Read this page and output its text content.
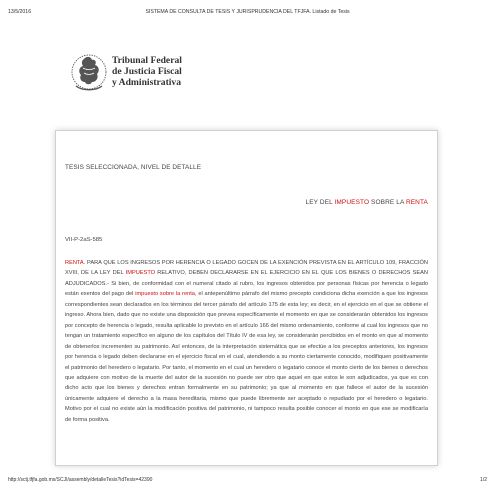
13/5/2016	SISTEMA DE CONSULTA DE TESIS Y JURISPRUDENCIA DEL TFJFA. Listado de Tesis
Tribunal Federal
de Justicia Fiscal
y Administrativa
TESIS SELECCIONADA, NIVEL DE DETALLE
LEY DEL IMPUESTO SOBRE LA RENTA
VII-P-2aS-585
RENTA. PARA QUE LOS INGRESOS POR HERENCIA O LEGADO GOCEN DE LA EXENCIÓN PREVISTA EN EL ARTÍCULO 109, FRACCIÓN XVIII, DE LA LEY DEL IMPUESTO RELATIVO, DEBEN DECLARARSE EN EL EJERCICIO EN EL QUE LOS BIENES O DERECHOS SEAN ADJUDICADOS.- Si bien, de conformidad con el numeral citado al rubro, los ingresos obtenidos por personas físicas por herencia o legado están exentos del pago del impuesto sobre la renta, el antepenúltimo párrafo del mismo precepto condiciona dicha exención a que los ingresos correspondientes sean declarados en los términos del tercer párrafo del artículo 175 de esta ley; es decir, en el ejercicio en el que se obtiene el ingreso. Ahora bien, dado que no existe una disposición que prevea específicamente el momento en que se considerarán obtenidos los ingresos por concepto de herencia o legado, resulta aplicable lo previsto en el artículo 166 del mismo ordenamiento, conforme al cual los ingresos que no tengan un tratamiento específico en alguno de los capítulos del Título IV de esa ley, se considerarán percibidos en el monto en que al momento de obtenerlos incrementen su patrimonio. Así entonces, de la interpretación sistemática que se efectúe a los preceptos anteriores, los ingresos por herencia o legado deben declararse en el ejercicio fiscal en el cual, atendiendo a su monto ciertamente conocido, modifiquen positivamente el patrimonio del heredero o legatario. Por tanto, el momento en el cual un heredero o legatario conoce el monto cierto de los bienes o derechos que adquiere con motivo de la muerte del autor de la sucesión no puede ser otro que aquel en que estos le son adjudicados, ya que es con dicho acto que los bienes y derechos entran formalmente en su patrimonio; ya que al momento en que fallece el autor de la sucesión únicamente adquiere el derecho a la masa hereditaria, mismo que puede libremente ser aceptado o repudiado por el heredero o legatario. Motivo por el cual no existe aún la modificación positiva del patrimonio, ni tampoco resulta posible conocer el monto en que ese se modificaría de forma positiva.
http://sctj.tfjfa.gob.mx/SCJI/assembly/detalleTesis?idTesis=42390	1/2
